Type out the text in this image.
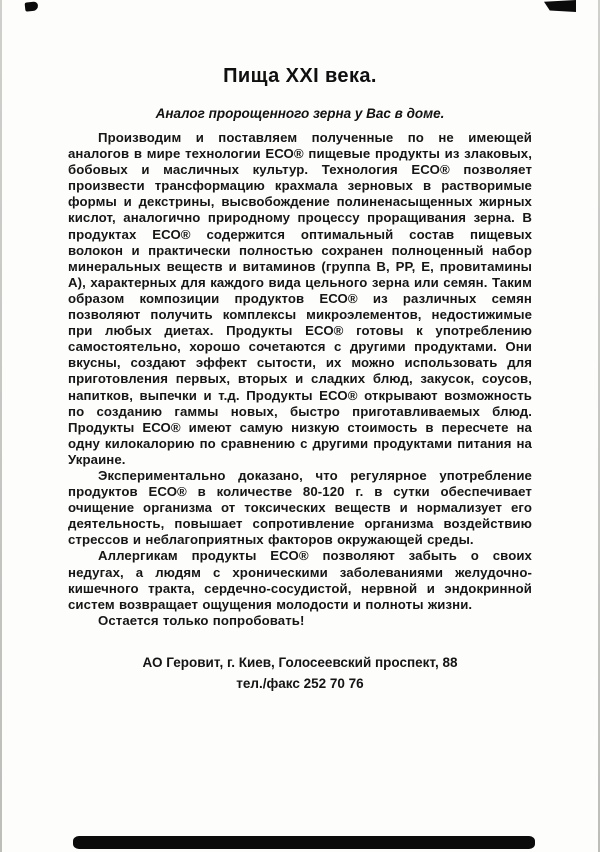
Пища XXI века.
Аналог пророщенного зерна у Вас в доме.

Производим и поставляем полученные по не имеющей аналогов в мире технологии ЕСО® пищевые продукты из злаковых, бобовых и масличных культур. Технология ЕСО® позволяет произвести трансформацию крахмала зерновых в растворимые формы и декстрины, высвобождение полиненасыщенных жирных кислот, аналогично природному процессу проращивания зерна. В продуктах ЕСО® содержится оптимальный состав пищевых волокон и практически полностью сохранен полноценный набор минеральных веществ и витаминов (группа В, РР, Е, провитамины А), характерных для каждого вида цельного зерна или семян. Таким образом композиции продуктов ЕСО® из различных семян позволяют получить комплексы микроэлементов, недостижимые при любых диетах. Продукты ЕСО® готовы к употреблению самостоятельно, хорошо сочетаются с другими продуктами. Они вкусны, создают эффект сытости, их можно использовать для приготовления первых, вторых и сладких блюд, закусок, соусов, напитков, выпечки и т.д. Продукты ЕСО® открывают возможность по созданию гаммы новых, быстро приготавливаемых блюд. Продукты ЕСО® имеют самую низкую стоимость в пересчете на одну килокалорию по сравнению с другими продуктами питания на Украине.

Экспериментально доказано, что регулярное употребление продуктов ЕСО® в количестве 80-120 г. в сутки обеспечивает очищение организма от токсических веществ и нормализует его деятельность, повышает сопротивление организма воздействию стрессов и неблагоприятных факторов окружающей среды.

Аллергикам продукты ЕСО® позволяют забыть о своих недугах, а людям с хроническими заболеваниями желудочно-кишечного тракта, сердечно-сосудистой, нервной и эндокринной систем возвращает ощущения молодости и полноты жизни.

Остается только попробовать!

АО Геровит, г. Киев, Голосеевский проспект, 88
тел./факс 252 70 76
